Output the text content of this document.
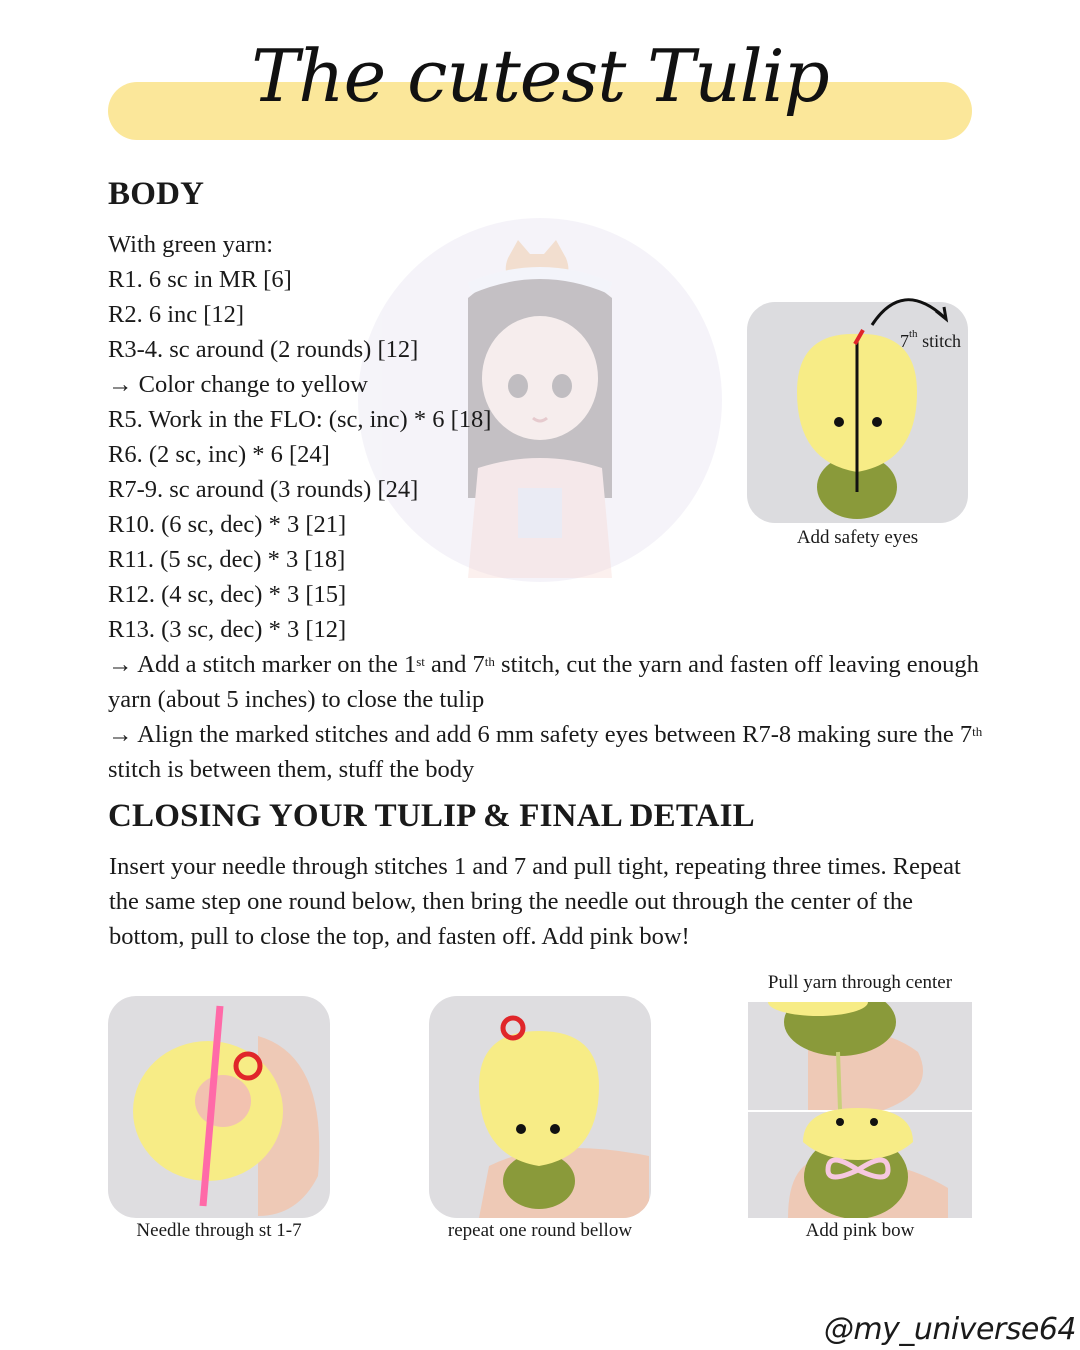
The cutest Tulip
BODY
With green yarn:
R1. 6 sc in MR [6]
R2. 6 inc [12]
R3-4. sc around (2 rounds) [12]
→ Color change to yellow
R5. Work in the FLO: (sc, inc) * 6 [18]
R6. (2 sc, inc) * 6 [24]
R7-9. sc around (3 rounds) [24]
R10. (6 sc, dec) * 3 [21]
R11. (5 sc, dec) * 3 [18]
R12. (4 sc, dec) * 3 [15]
R13. (3 sc, dec) * 3 [12]
→ Add a stitch marker on the 1st and 7th stitch, cut the yarn and fasten off leaving enough yarn (about 5 inches) to close the tulip
→ Align the marked stitches and add 6 mm safety eyes between R7-8 making sure the 7th stitch is between them, stuff the body
7th stitch
Add safety eyes
CLOSING YOUR TULIP & FINAL DETAIL
Insert your needle through stitches 1 and 7 and pull tight, repeating three times. Repeat the same step one round below, then bring the needle out through the center of the bottom, pull to close the top, and fasten off. Add pink bow!
Needle through st 1-7	repeat one round bellow
Pull yarn through center
Add pink bow
@my_universe64
